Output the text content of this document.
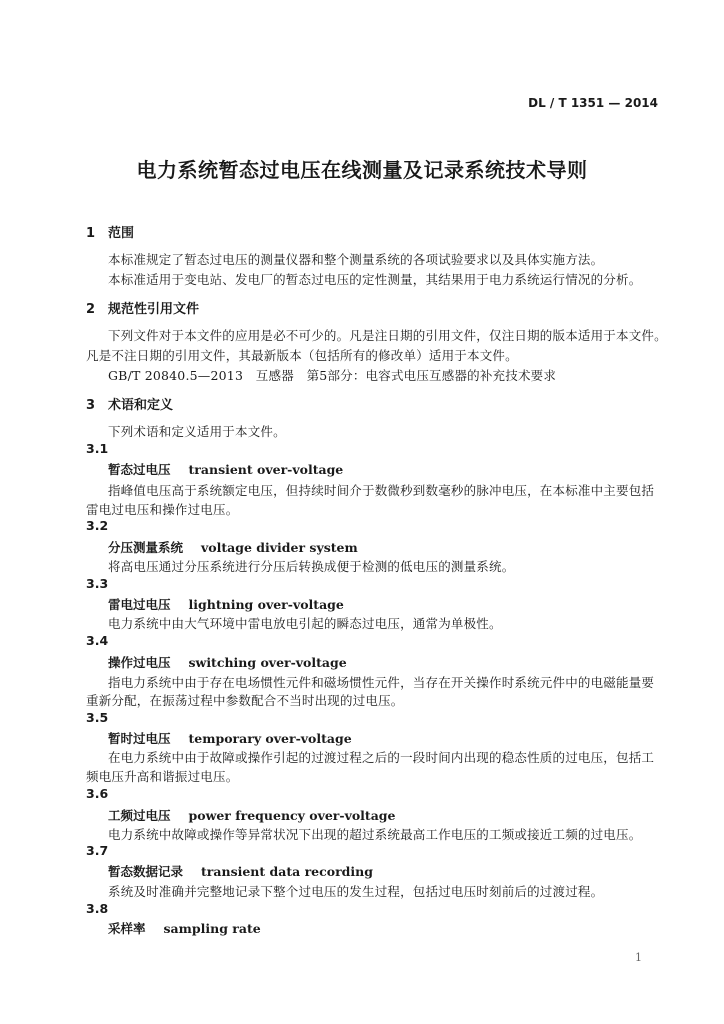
DL / T 1351 — 2014
电力系统暂态过电压在线测量及记录系统技术导则
1 范围
本标准规定了暂态过电压的测量仪器和整个测量系统的各项试验要求以及具体实施方法。
本标准适用于变电站、发电厂的暂态过电压的定性测量，其结果用于电力系统运行情况的分析。
2 规范性引用文件
下列文件对于本文件的应用是必不可少的。凡是注日期的引用文件，仅注日期的版本适用于本文件。
凡是不注日期的引用文件，其最新版本（包括所有的修改单）适用于本文件。
GB/T 20840.5—2013　互感器　第5部分：电容式电压互感器的补充技术要求
3 术语和定义
下列术语和定义适用于本文件。
3.1
暂态过电压 transient over-voltage
指峰值电压高于系统额定电压，但持续时间介于数微秒到数毫秒的脉冲电压，在本标准中主要包括
雷电过电压和操作过电压。
3.2
分压测量系统 voltage divider system
将高电压通过分压系统进行分压后转换成便于检测的低电压的测量系统。
3.3
雷电过电压 lightning over-voltage
电力系统中由大气环境中雷电放电引起的瞬态过电压，通常为单极性。
3.4
操作过电压 switching over-voltage
指电力系统中由于存在电场惯性元件和磁场惯性元件，当存在开关操作时系统元件中的电磁能量要
重新分配，在振荡过程中参数配合不当时出现的过电压。
3.5
暂时过电压 temporary over-voltage
在电力系统中由于故障或操作引起的过渡过程之后的一段时间内出现的稳态性质的过电压，包括工
频电压升高和谐振过电压。
3.6
工频过电压 power frequency over-voltage
电力系统中故障或操作等异常状况下出现的超过系统最高工作电压的工频或接近工频的过电压。
3.7
暂态数据记录 transient data recording
系统及时准确并完整地记录下整个过电压的发生过程，包括过电压时刻前后的过渡过程。
3.8
采样率 sampling rate
1
